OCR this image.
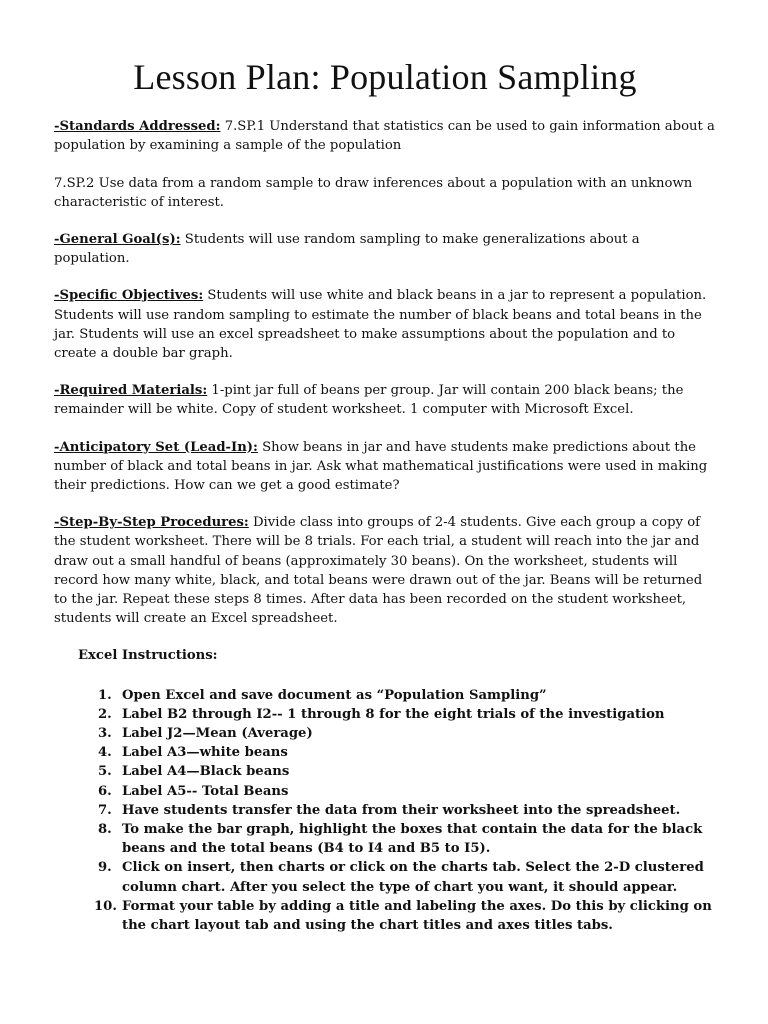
Lesson Plan: Population Sampling

-Standards Addressed: 7.SP.1 Understand that statistics can be used to gain information about a population by examining a sample of the population

7.SP.2 Use data from a random sample to draw inferences about a population with an unknown characteristic of interest.

-General Goal(s): Students will use random sampling to make generalizations about a population.

-Specific Objectives: Students will use white and black beans in a jar to represent a population. Students will use random sampling to estimate the number of black beans and total beans in the jar. Students will use an excel spreadsheet to make assumptions about the population and to create a double bar graph.

-Required Materials: 1-pint jar full of beans per group. Jar will contain 200 black beans; the remainder will be white. Copy of student worksheet. 1 computer with Microsoft Excel.

-Anticipatory Set (Lead-In): Show beans in jar and have students make predictions about the number of black and total beans in jar. Ask what mathematical justifications were used in making their predictions. How can we get a good estimate?

-Step-By-Step Procedures: Divide class into groups of 2-4 students. Give each group a copy of the student worksheet. There will be 8 trials. For each trial, a student will reach into the jar and draw out a small handful of beans (approximately 30 beans). On the worksheet, students will record how many white, black, and total beans were drawn out of the jar. Beans will be returned to the jar. Repeat these steps 8 times. After data has been recorded on the student worksheet, students will create an Excel spreadsheet.

Excel Instructions:
1. Open Excel and save document as “Population Sampling”
2. Label B2 through I2-- 1 through 8 for the eight trials of the investigation
3. Label J2—Mean (Average)
4. Label A3—white beans
5. Label A4—Black beans
6. Label A5-- Total Beans
7. Have students transfer the data from their worksheet into the spreadsheet.
8. To make the bar graph, highlight the boxes that contain the data for the black beans and the total beans (B4 to I4 and B5 to I5).
9. Click on insert, then charts or click on the charts tab. Select the 2-D clustered column chart. After you select the type of chart you want, it should appear.
10. Format your table by adding a title and labeling the axes. Do this by clicking on the chart layout tab and using the chart titles and axes titles tabs.
